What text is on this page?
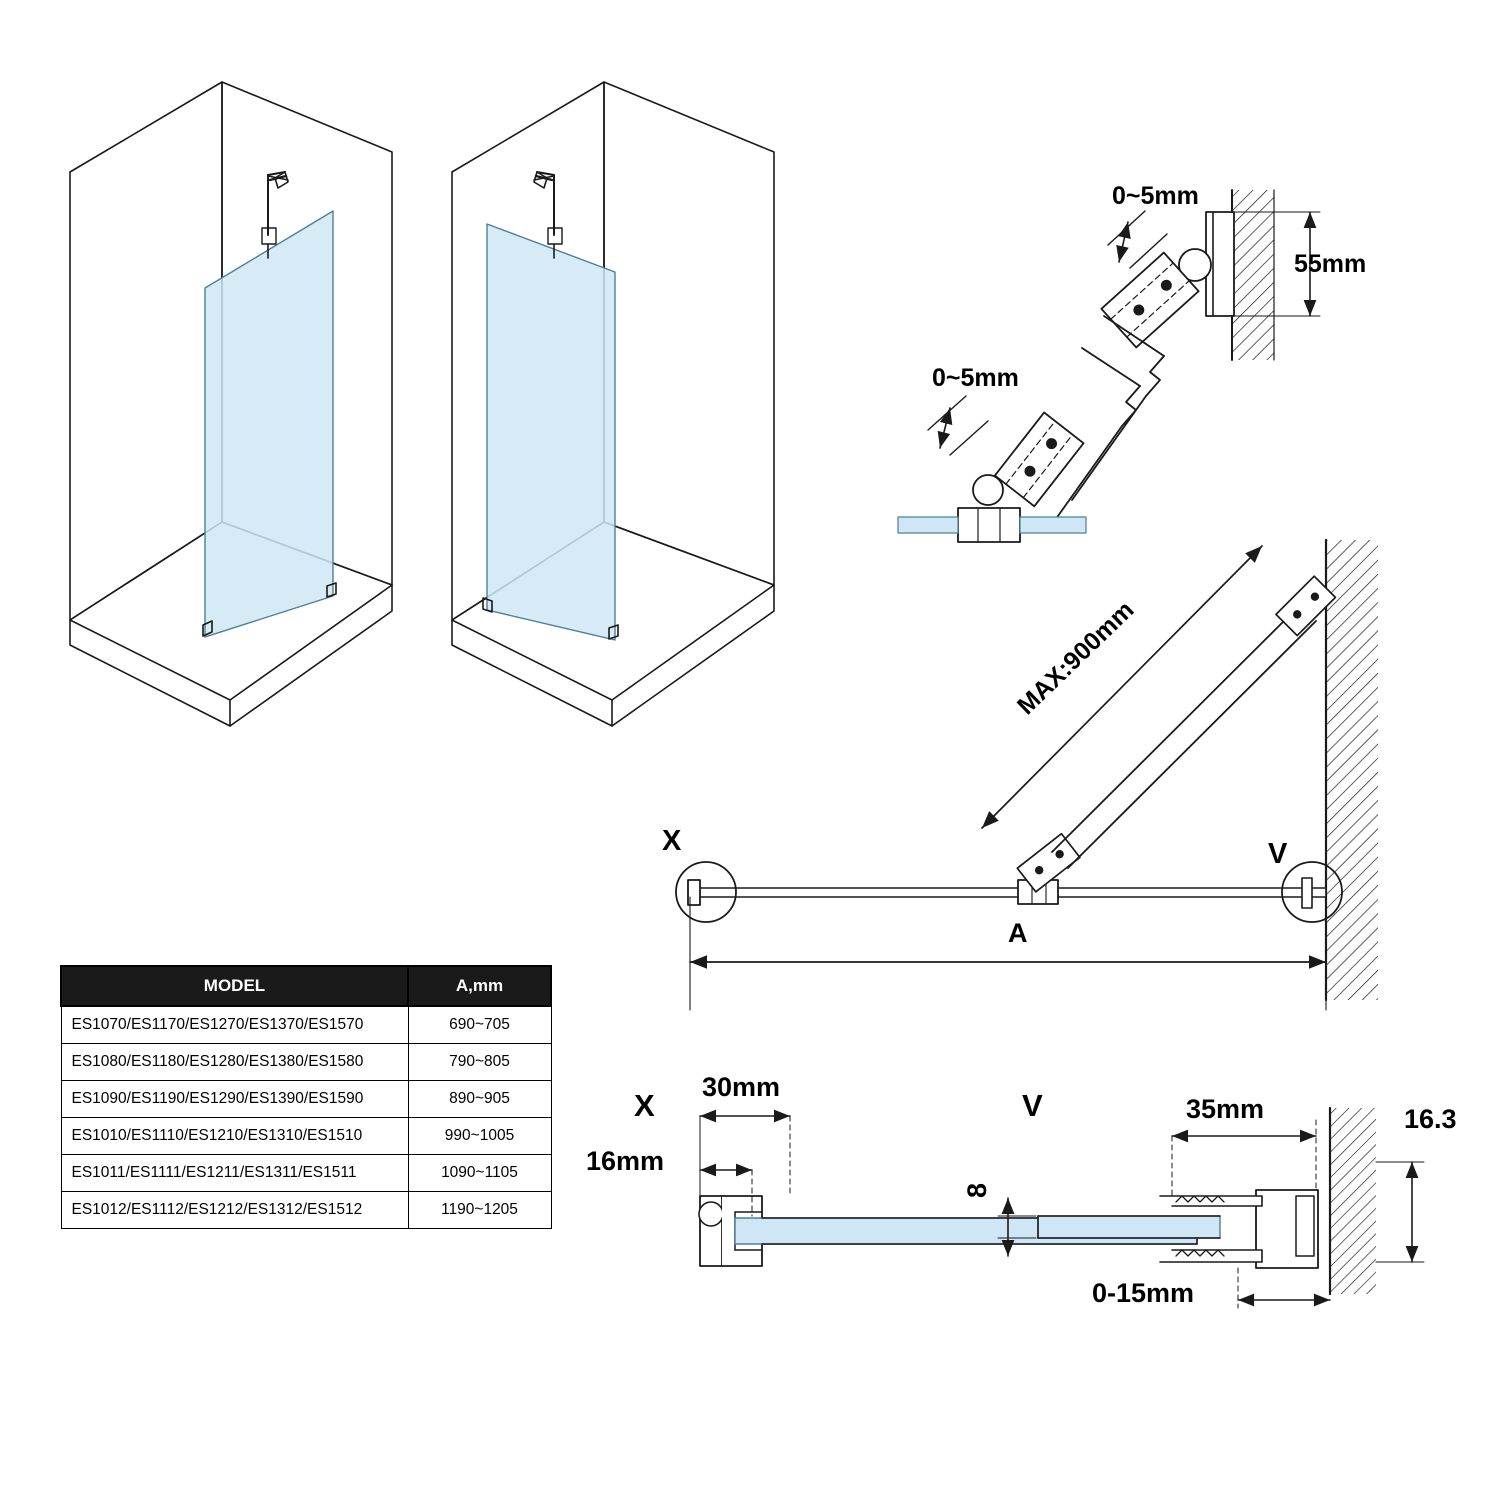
0~5mm
0~5mm
55mm
MAX:900mm
A
X	V
X
30mm
16mm
V	35mm	16.3
8
0-15mm
MODEL	A,mm
ES1070/ES1170/ES1270/ES1370/ES1570	690~705
ES1080/ES1180/ES1280/ES1380/ES1580	790~805
ES1090/ES1190/ES1290/ES1390/ES1590	890~905
ES1010/ES1110/ES1210/ES1310/ES1510	990~1005
ES1011/ES1111/ES1211/ES1311/ES1511	1090~1105
ES1012/ES1112/ES1212/ES1312/ES1512	1190~1205
